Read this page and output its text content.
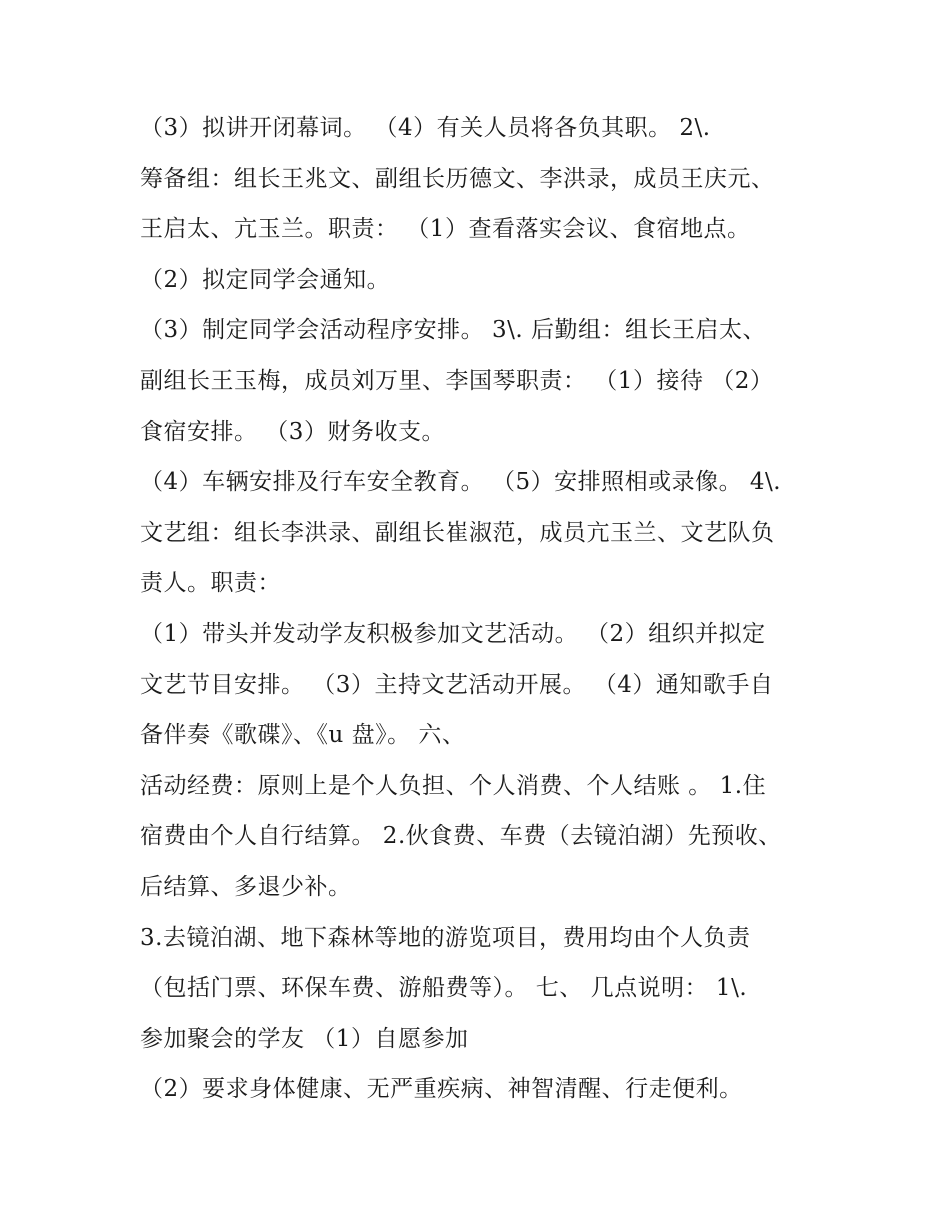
（3）拟讲开闭幕词。 （4）有关人员将各负其职。 2\.
筹备组：组长王兆文、副组长历德文、李洪录，成员王庆元、
王启太、亢玉兰。职责： （1）查看落实会议、食宿地点。
（2）拟定同学会通知。
（3）制定同学会活动程序安排。 3\. 后勤组：组长王启太、
副组长王玉梅，成员刘万里、李国琴职责： （1）接待 （2）
食宿安排。 （3）财务收支。
（4）车辆安排及行车安全教育。 （5）安排照相或录像。 4\.
文艺组：组长李洪录、副组长崔淑范，成员亢玉兰、文艺队负
责人。职责：
（1）带头并发动学友积极参加文艺活动。 （2）组织并拟定
文艺节目安排。 （3）主持文艺活动开展。 （4）通知歌手自
备伴奏《歌碟》、《u 盘》。 六、
活动经费：原则上是个人负担、个人消费、个人结账 。 1.住
宿费由个人自行结算。 2.伙食费、车费（去镜泊湖）先预收、
后结算、多退少补。
3.去镜泊湖、地下森林等地的游览项目，费用均由个人负责
（包括门票、环保车费、游船费等）。 七、 几点说明： 1\.
参加聚会的学友 （1）自愿参加
（2）要求身体健康、无严重疾病、神智清醒、行走便利。
